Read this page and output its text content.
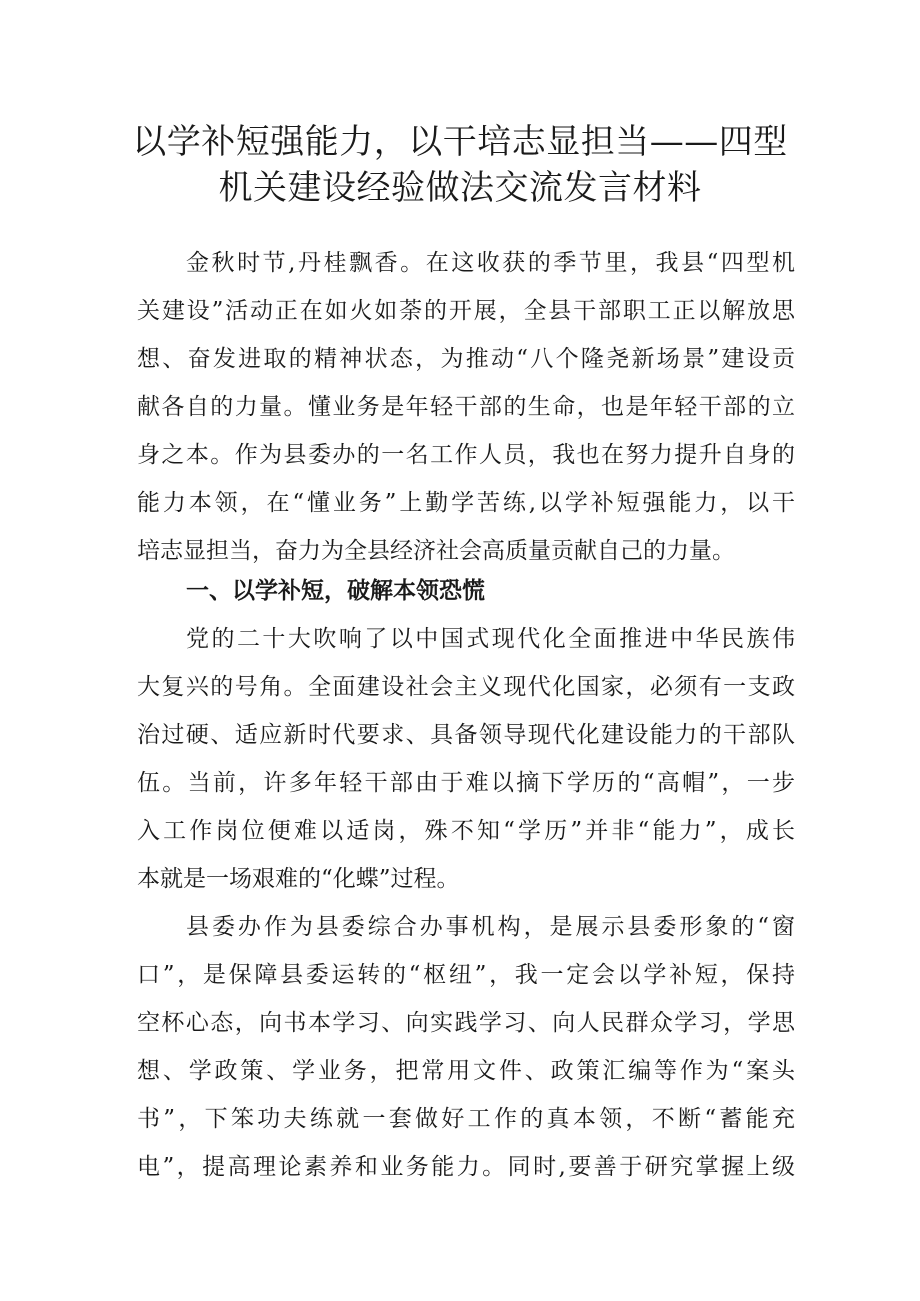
以学补短强能力，以干培志显担当——四型
机关建设经验做法交流发言材料

金秋时节,丹桂飘香。在这收获的季节里，我县“四型机

关建设”活动正在如火如荼的开展，全县干部职工正以解放思

想、奋发进取的精神状态，为推动“八个隆尧新场景”建设贡

献各自的力量。懂业务是年轻干部的生命，也是年轻干部的立

身之本。作为县委办的一名工作人员，我也在努力提升自身的

能力本领，在“懂业务”上勤学苦练,以学补短强能力，以干

培志显担当，奋力为全县经济社会高质量贡献自己的力量。

一、以学补短，破解本领恐慌

党的二十大吹响了以中国式现代化全面推进中华民族伟

大复兴的号角。全面建设社会主义现代化国家，必须有一支政

治过硬、适应新时代要求、具备领导现代化建设能力的干部队

伍。当前，许多年轻干部由于难以摘下学历的“高帽”，一步

入工作岗位便难以适岗，殊不知“学历”并非“能力”，成长

本就是一场艰难的“化蝶”过程。

县委办作为县委综合办事机构，是展示县委形象的“窗

口”，是保障县委运转的“枢纽”，我一定会以学补短，保持

空杯心态，向书本学习、向实践学习、向人民群众学习，学思

想、学政策、学业务，把常用文件、政策汇编等作为“案头

书”，下笨功夫练就一套做好工作的真本领，不断“蓄能充

电”，提高理论素养和业务能力。同时,要善于研究掌握上级
